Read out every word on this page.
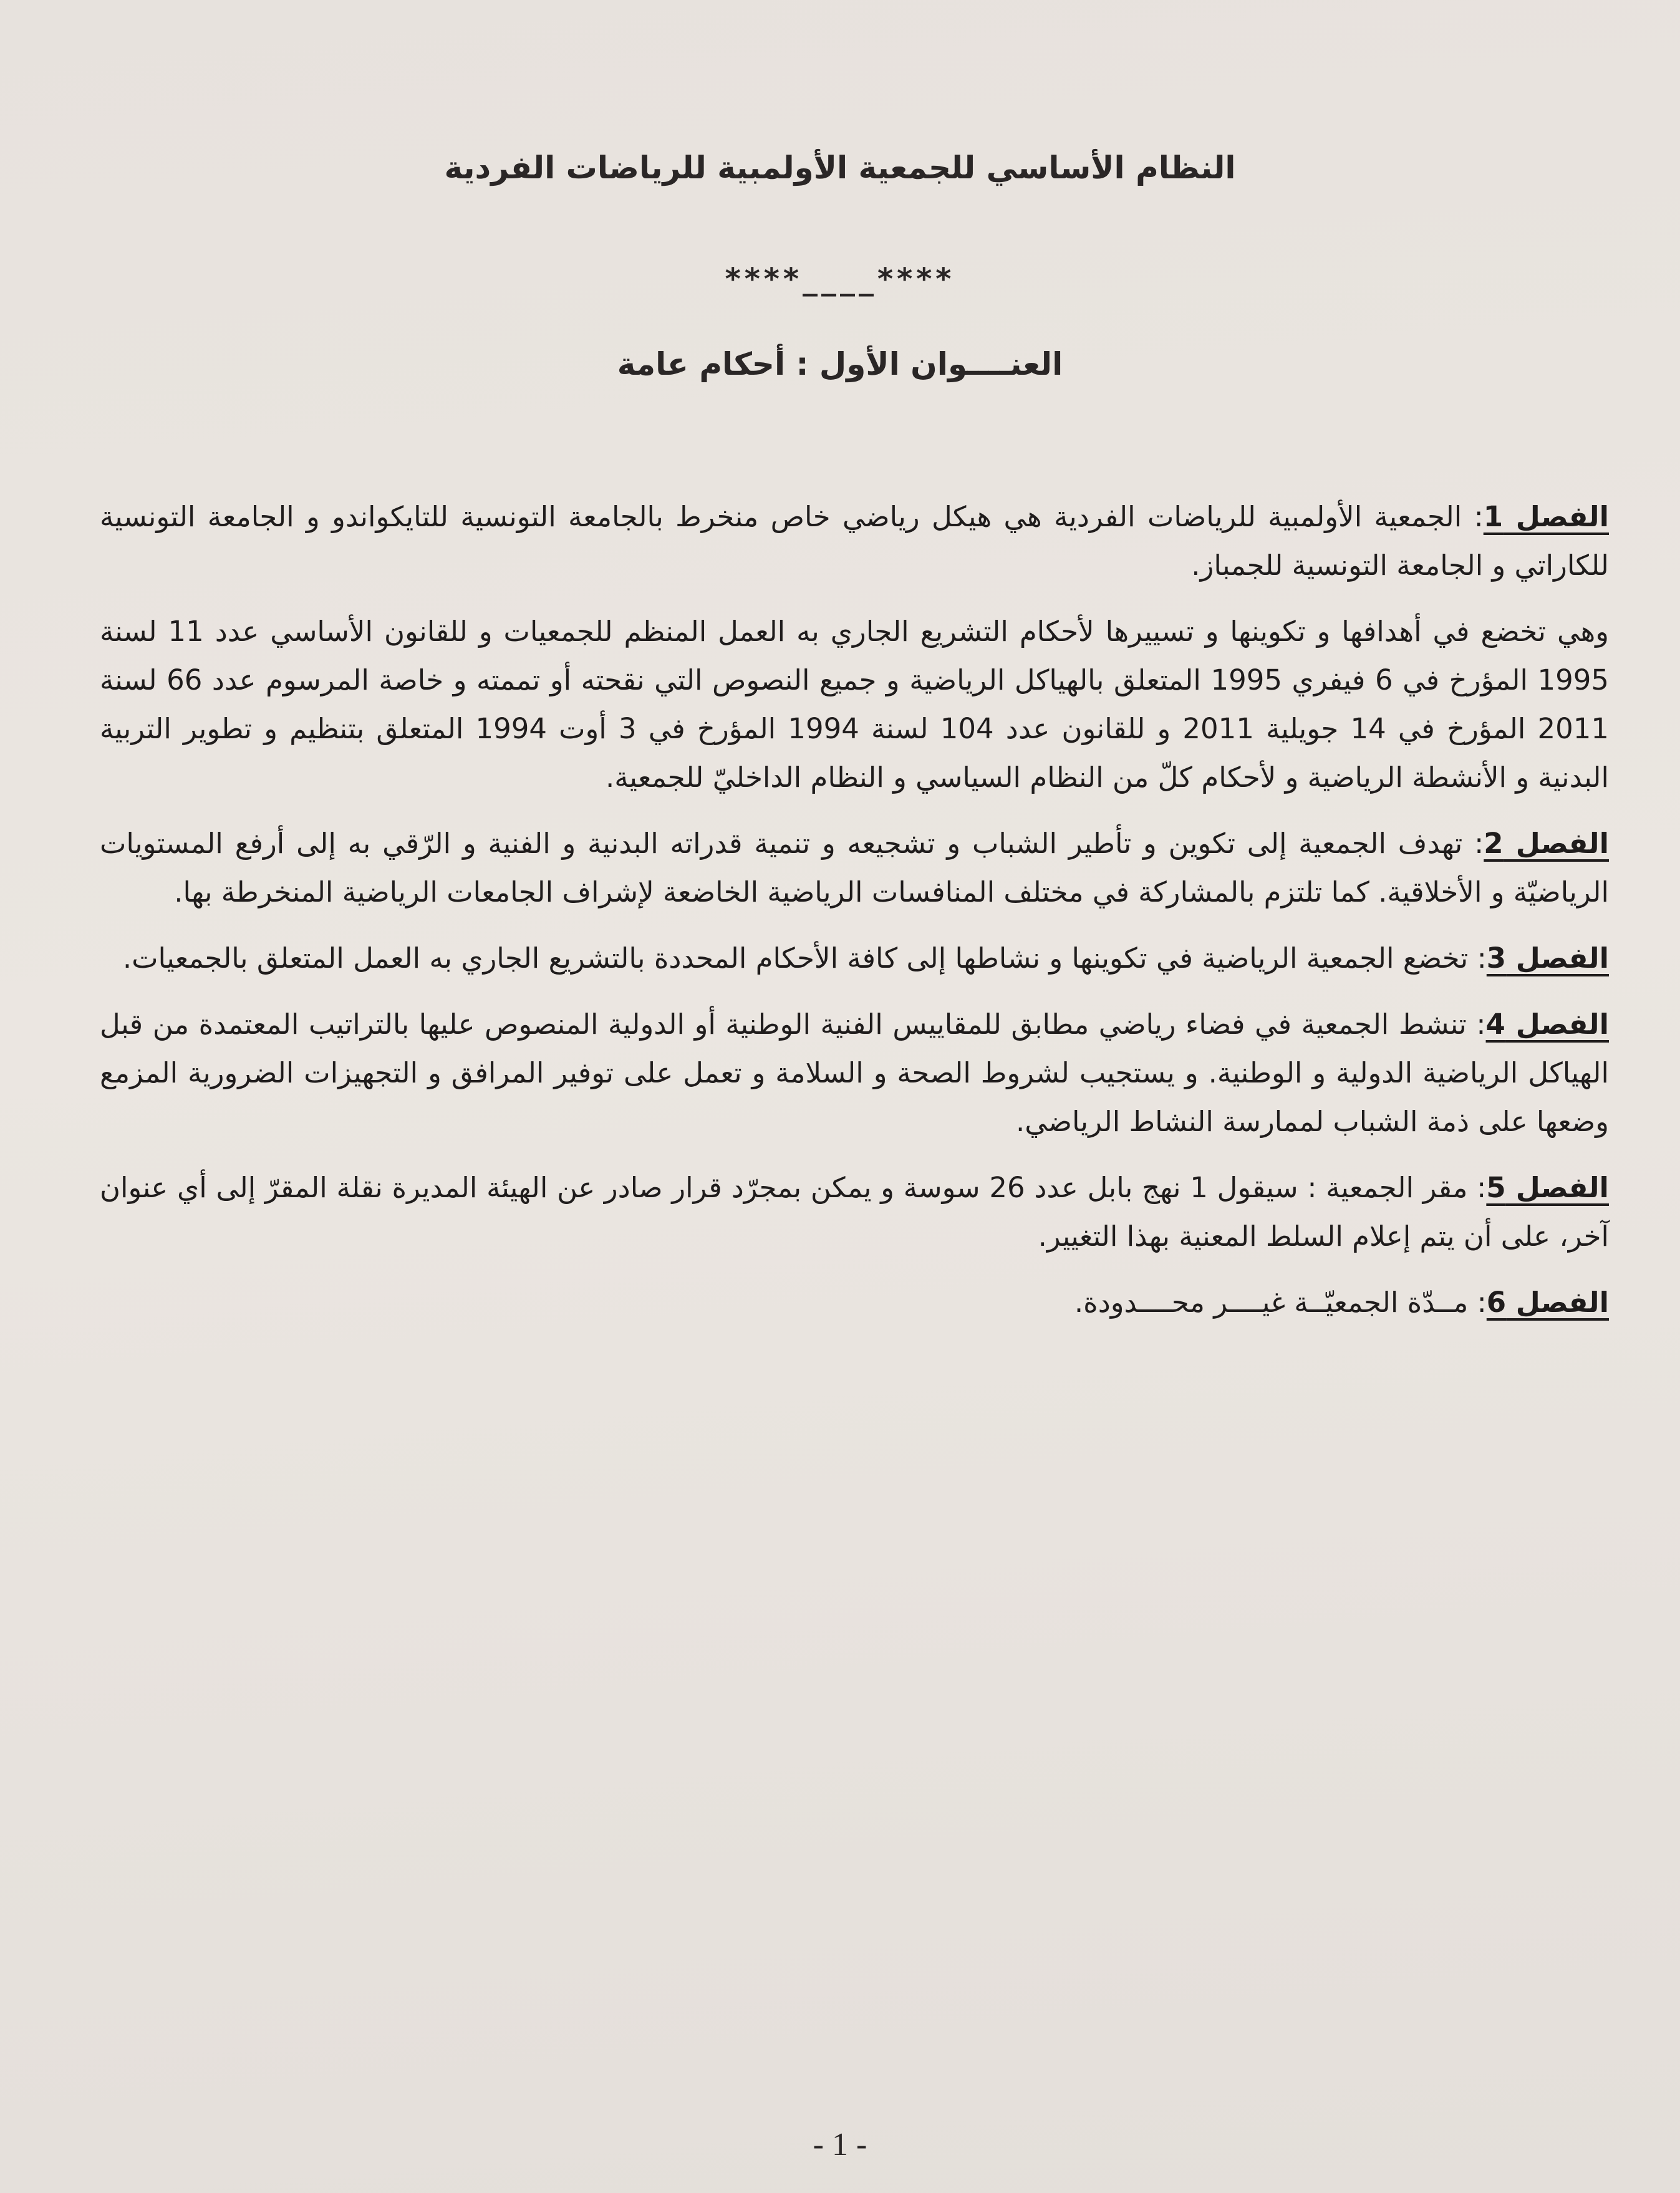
النظام الأساسي للجمعية الأولمبية للرياضات الفردية
****____****
العنــــوان الأول : أحكام عامة

الفصل 1: الجمعية الأولمبية للرياضات الفردية هي هيكل رياضي خاص منخرط بالجامعة التونسية للتايكواندو و الجامعة التونسية للكاراتي و الجامعة التونسية للجمباز.

وهي تخضع في أهدافها و تكوينها و تسييرها لأحكام التشريع الجاري به العمل المنظم للجمعيات و للقانون الأساسي عدد 11 لسنة 1995 المؤرخ في 6 فيفري 1995 المتعلق بالهياكل الرياضية و جميع النصوص التي نقحته أو تممته و خاصة المرسوم عدد 66 لسنة 2011 المؤرخ في 14 جويلية 2011 و للقانون عدد 104 لسنة 1994 المؤرخ في 3 أوت 1994 المتعلق بتنظيم و تطوير التربية البدنية و الأنشطة الرياضية و لأحكام كلّ من النظام السياسي و النظام الداخليّ للجمعية.

الفصل 2: تهدف الجمعية إلى تكوين و تأطير الشباب و تشجيعه و تنمية قدراته البدنية و الفنية و الرّقي به إلى أرفع المستويات الرياضيّة و الأخلاقية. كما تلتزم بالمشاركة في مختلف المنافسات الرياضية الخاضعة لإشراف الجامعات الرياضية المنخرطة بها.

الفصل 3: تخضع الجمعية الرياضية في تكوينها و نشاطها إلى كافة الأحكام المحددة بالتشريع الجاري به العمل المتعلق بالجمعيات.

الفصل 4: تنشط الجمعية في فضاء رياضي مطابق للمقاييس الفنية الوطنية أو الدولية المنصوص عليها بالتراتيب المعتمدة من قبل الهياكل الرياضية الدولية و الوطنية. و يستجيب لشروط الصحة و السلامة و تعمل على توفير المرافق و التجهيزات الضرورية المزمع وضعها على ذمة الشباب لممارسة النشاط الرياضي.

الفصل 5: مقر الجمعية : سيقول 1 نهج بابل عدد 26 سوسة و يمكن بمجرّد قرار صادر عن الهيئة المديرة نقلة المقرّ إلى أي عنوان آخر، على أن يتم إعلام السلط المعنية بهذا التغيير.

الفصل 6: مــدّة الجمعيّــة غيــــر محــــدودة.

- 1 -
